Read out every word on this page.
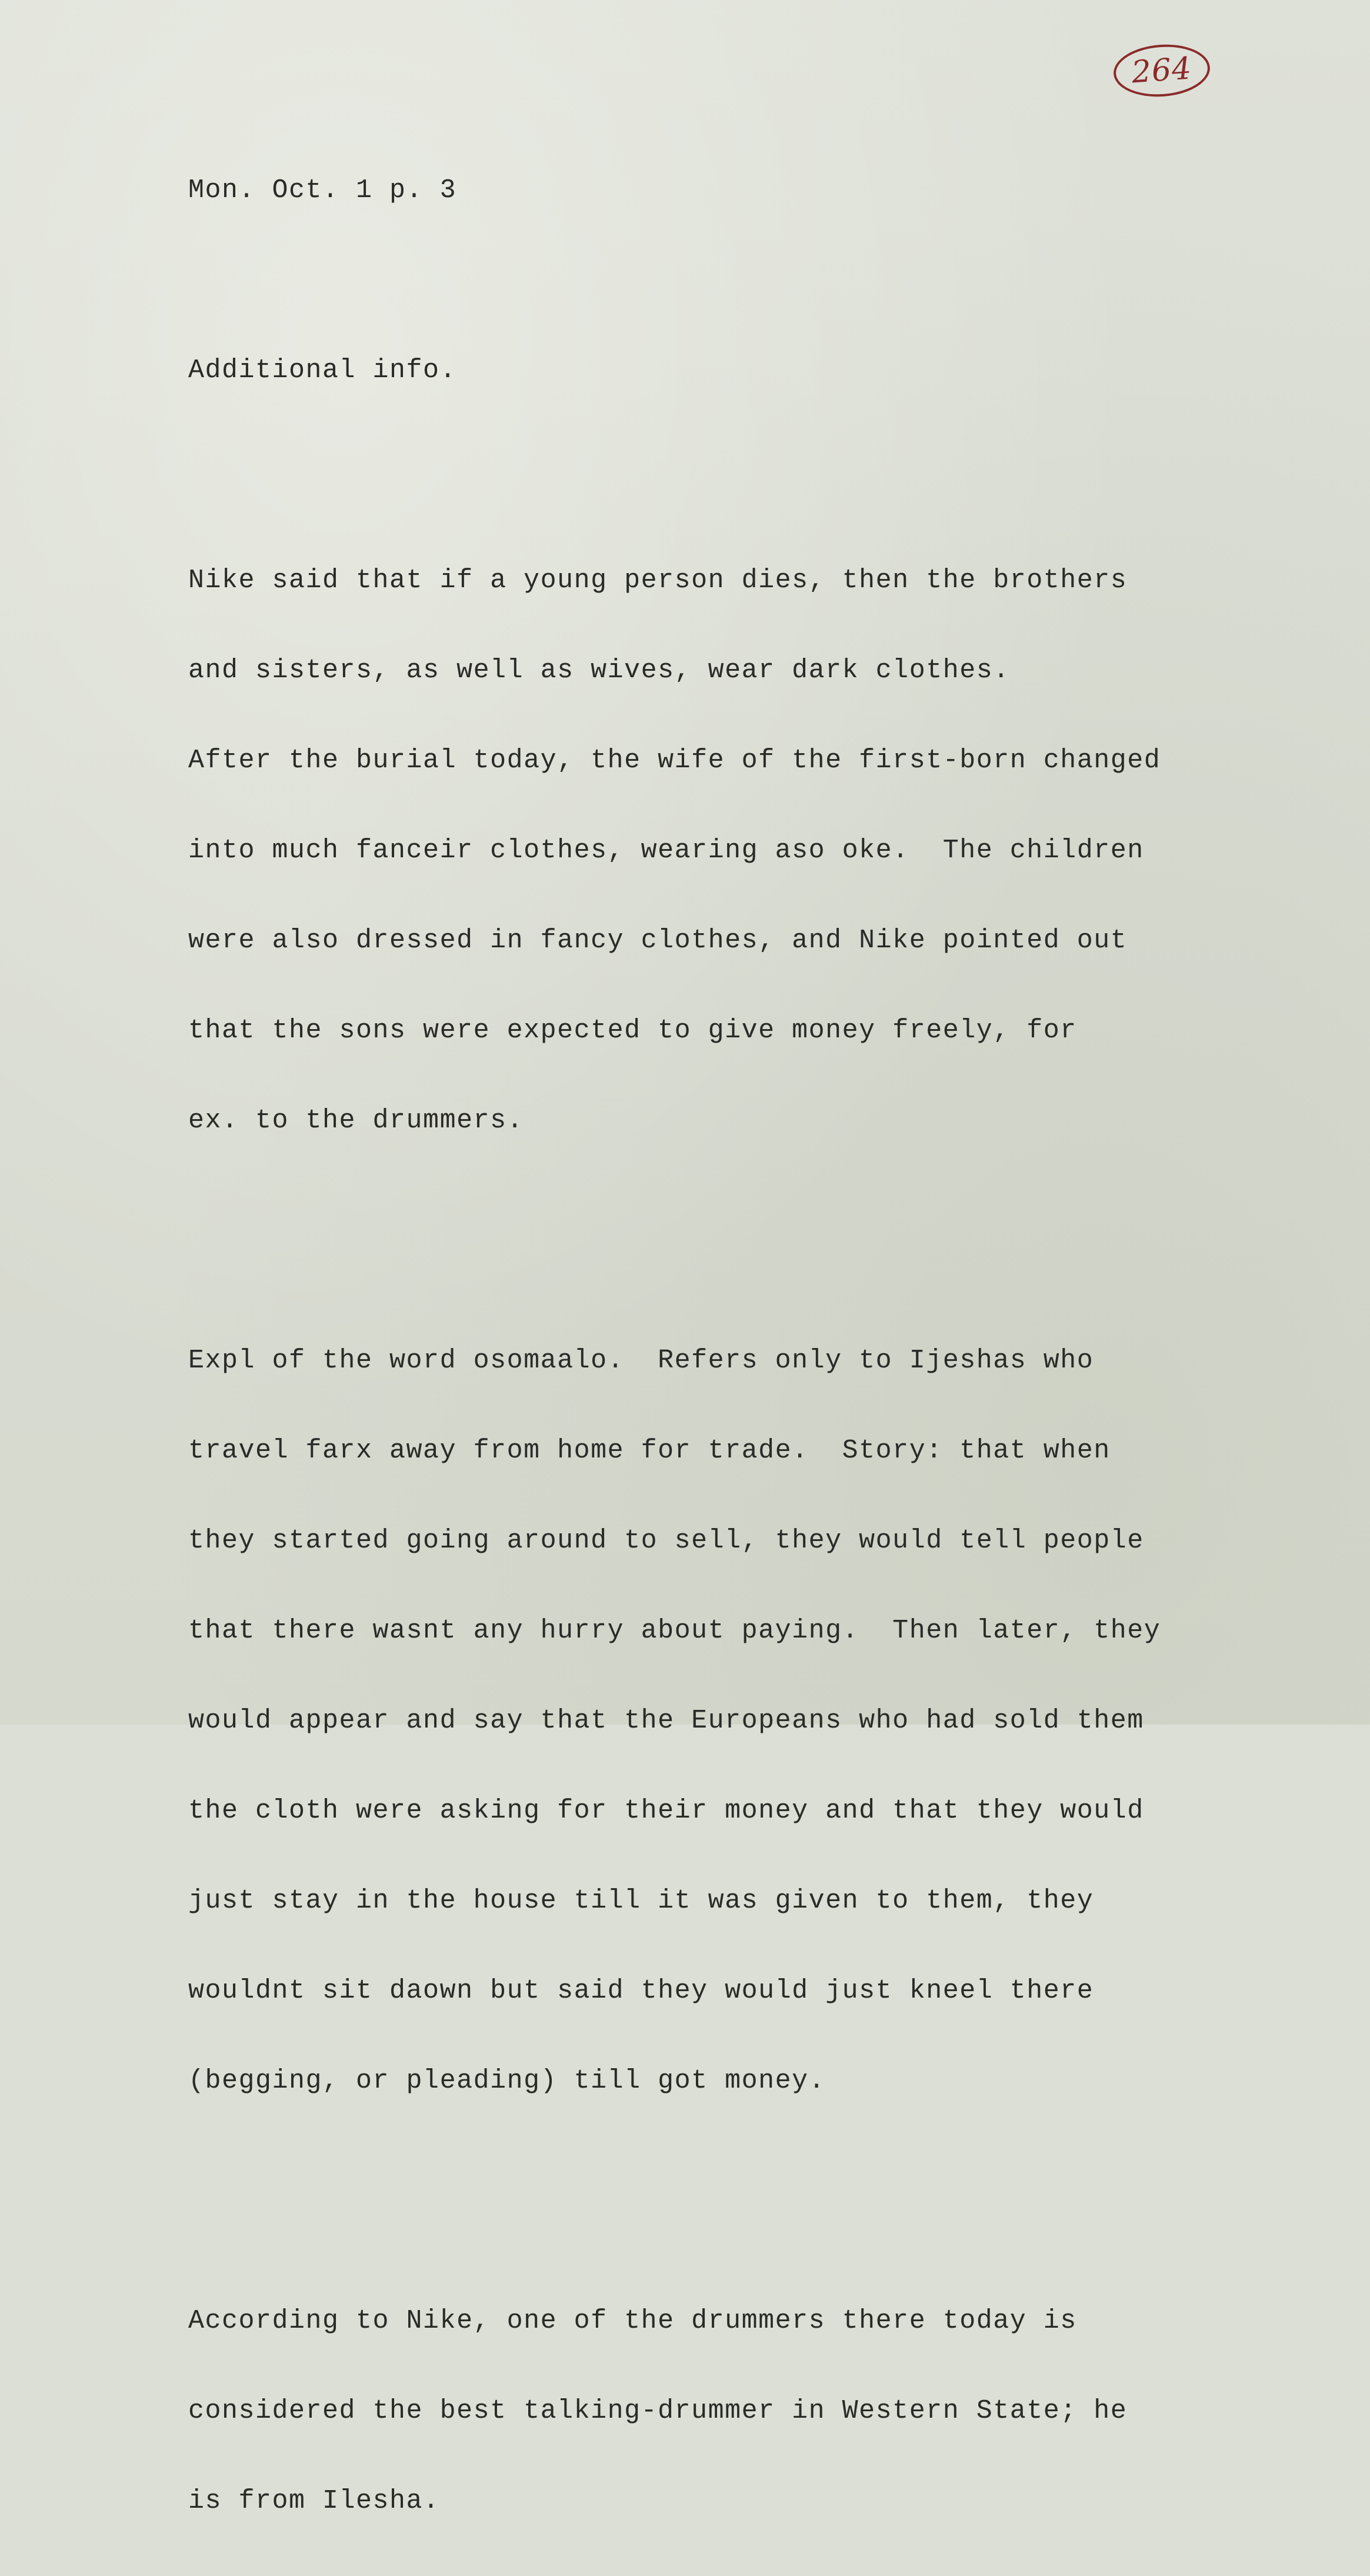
264

Mon. Oct. 1 p. 3

Additional info.

Nike said that if a young person dies, then the brothers

and sisters, as well as wives, wear dark clothes.

After the burial today, the wife of the first-born changed

into much fanceir clothes, wearing aso oke.  The children

were also dressed in fancy clothes, and Nike pointed out

that the sons were expected to give money freely, for

ex. to the drummers.

Expl of the word osomaalo.  Refers only to Ijeshas who

travel farx away from home for trade.  Story: that when

they started going around to sell, they would tell people

that there wasnt any hurry about paying.  Then later, they

would appear and say that the Europeans who had sold them

the cloth were asking for their money and that they would

just stay in the house till it was given to them, they

wouldnt sit daown but said they would just kneel there

(begging, or pleading) till got money.

According to Nike, one of the drummers there today is

considered the best talking-drummer in Western State; he

is from Ilesha.
